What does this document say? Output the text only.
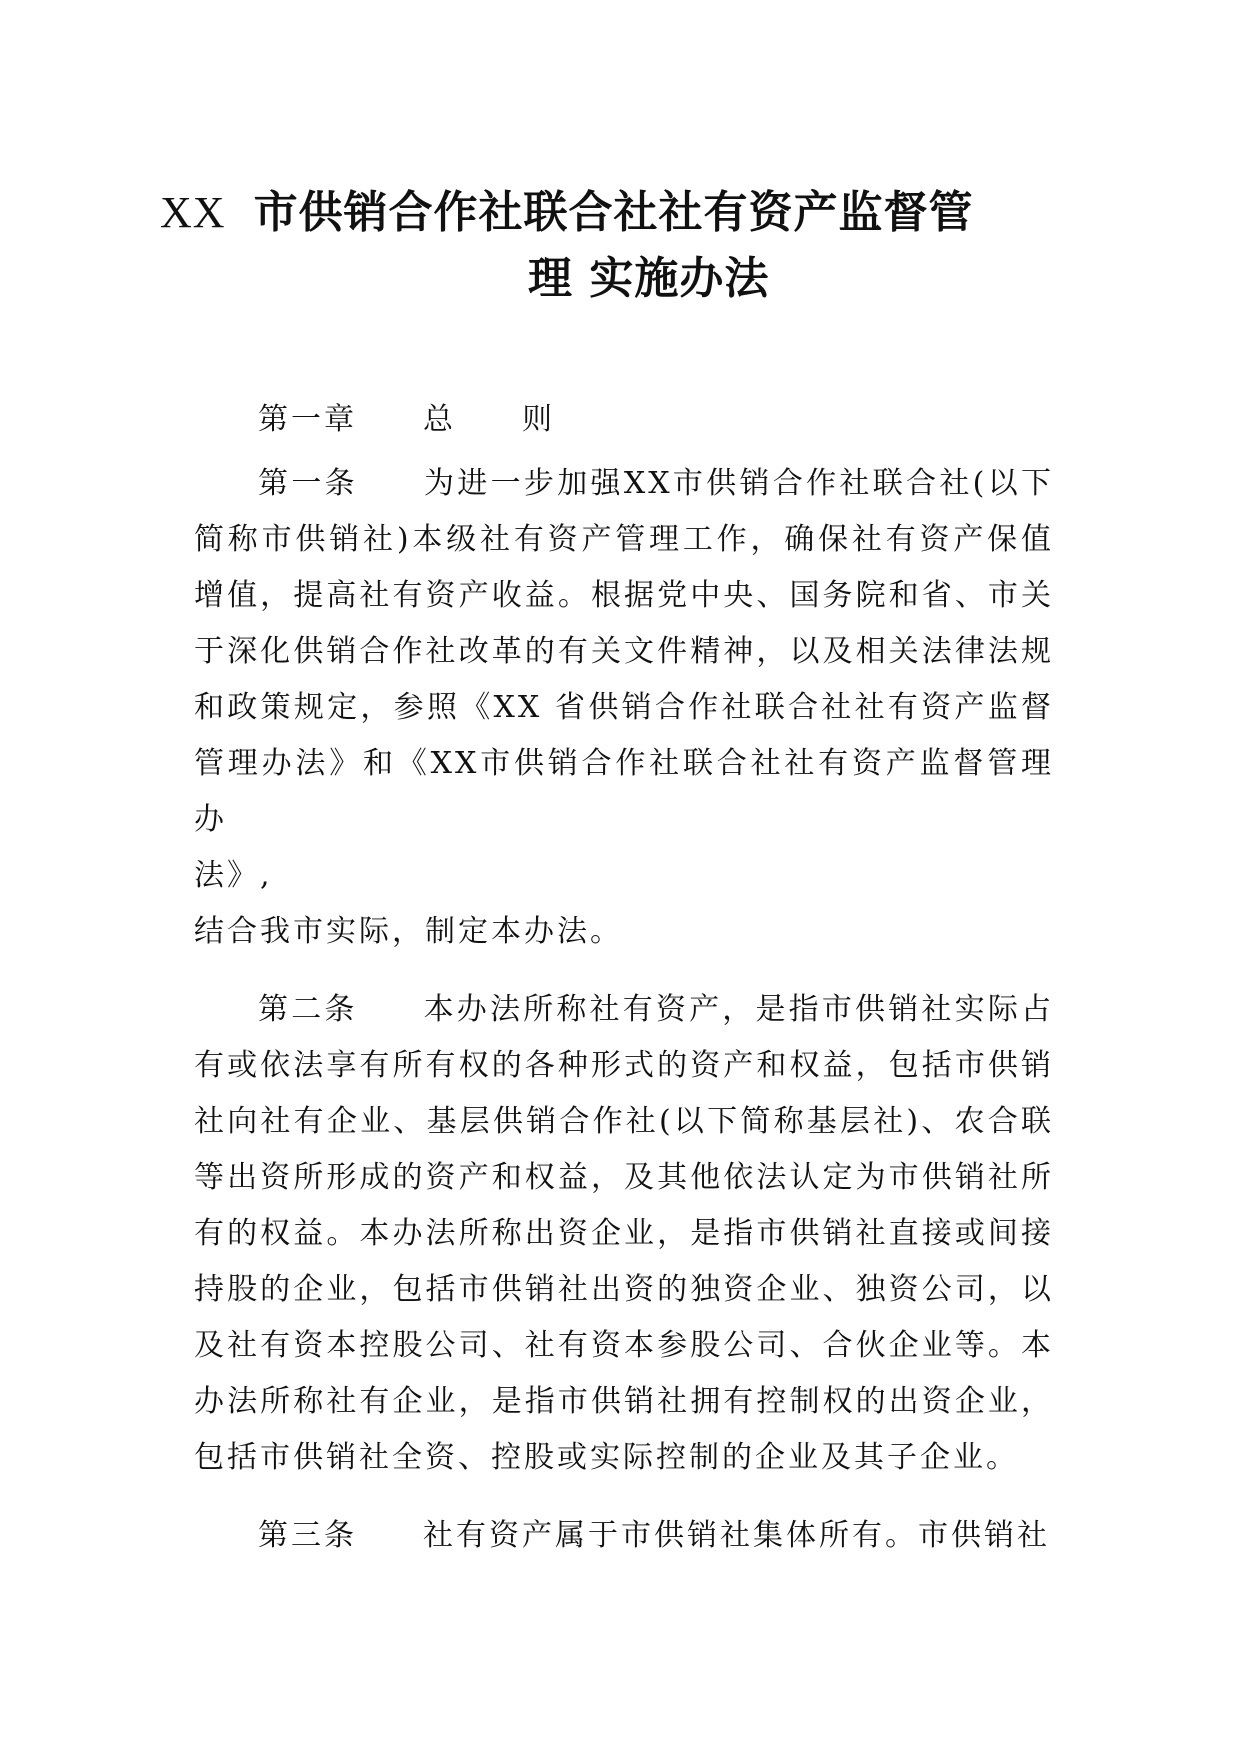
XX 市供销合作社联合社社有资产监督管
理 实施办法

第一章 总 则

第一条 为进一步加强XX市供销合作社联合社(以下简称市供销社)本级社有资产管理工作，确保社有资产保值增值，提高社有资产收益。根据党中央、国务院和省、市关于深化供销合作社改革的有关文件精神，以及相关法律法规和政策规定，参照《XX 省供销合作社联合社社有资产监督管理办法》和《XX市供销合作社联合社社有资产监督管理办

法》,

结合我市实际，制定本办法。

第二条 本办法所称社有资产，是指市供销社实际占有或依法享有所有权的各种形式的资产和权益，包括市供销社向社有企业、基层供销合作社(以下简称基层社)、农合联等出资所形成的资产和权益，及其他依法认定为市供销社所有的权益。本办法所称出资企业，是指市供销社直接或间接持股的企业，包括市供销社出资的独资企业、独资公司，以及社有资本控股公司、社有资本参股公司、合伙企业等。本办法所称社有企业，是指市供销社拥有控制权的出资企业，包括市供销社全资、控股或实际控制的企业及其子企业。

第三条 社有资产属于市供销社集体所有。市供销社
